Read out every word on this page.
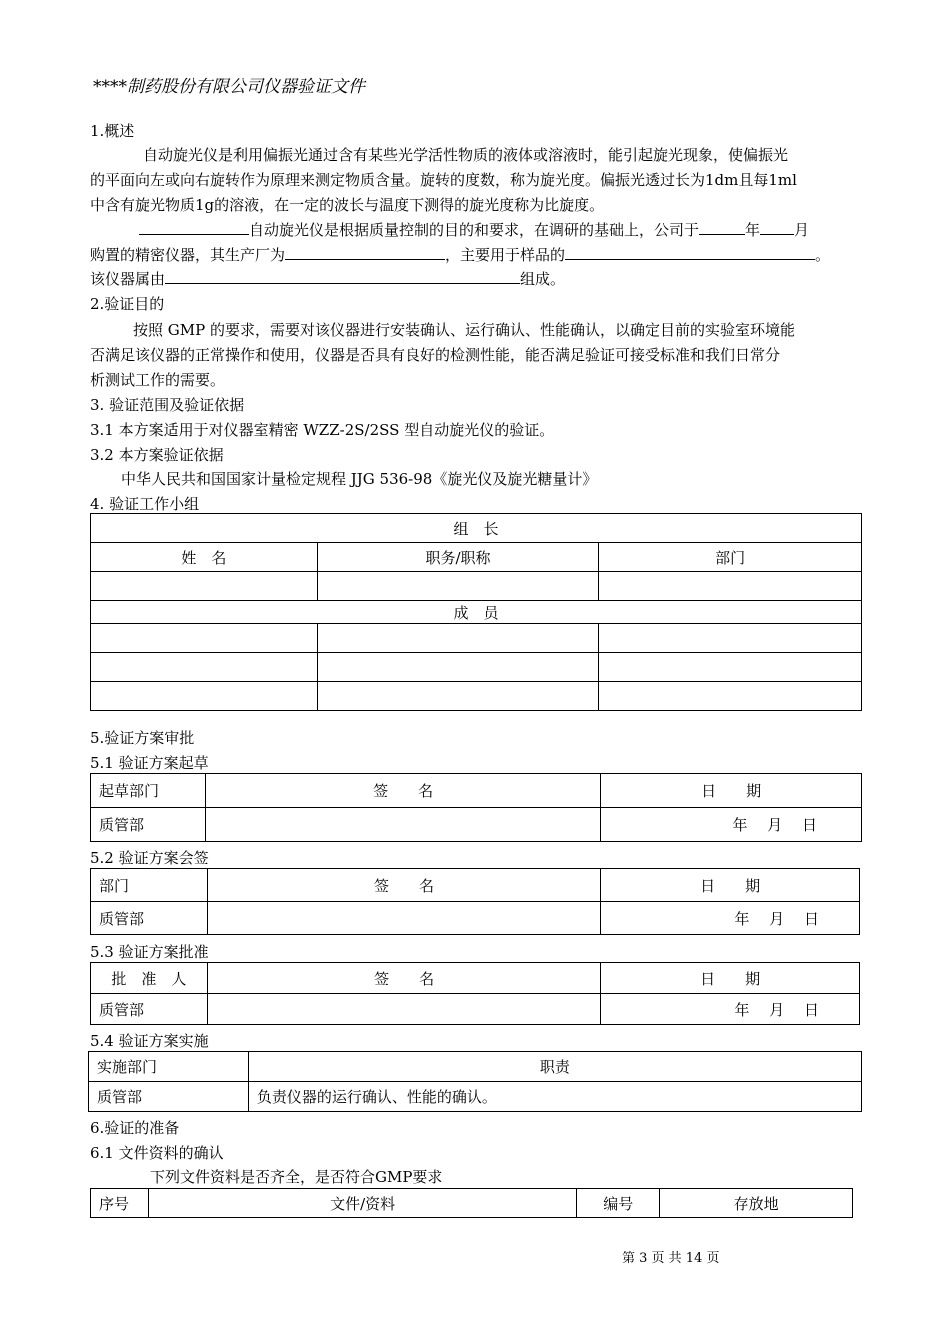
****制药股份有限公司仪器验证文件
1.概述
自动旋光仪是利用偏振光通过含有某些光学活性物质的液体或溶液时，能引起旋光现象，使偏振光
的平面向左或向右旋转作为原理来测定物质含量。旋转的度数，称为旋光度。偏振光透过长为1dm且每1ml
中含有旋光物质1g的溶液，在一定的波长与温度下测得的旋光度称为比旋度。
自动旋光仪是根据质量控制的目的和要求，在调研的基础上，公司于	年 月
购置的精密仪器，其生产厂为	，主要用于样品的	。
该仪器属由	组成。
2.验证目的
按照 GMP 的要求，需要对该仪器进行安装确认、运行确认、性能确认，以确定目前的实验室环境能
否满足该仪器的正常操作和使用，仪器是否具有良好的检测性能，能否满足验证可接受标准和我们日常分
析测试工作的需要。
3. 验证范围及验证依据
3.1 本方案适用于对仪器室精密 WZZ-2S/2SS 型自动旋光仪的验证。
3.2 本方案验证依据
中华人民共和国国家计量检定规程 JJG 536-98《旋光仪及旋光糖量计》
4. 验证工作小组
组　长		
姓　名	职务/职称	部门

成　员		

5.验证方案审批
5.1 验证方案起草
起草部门	签　　名	日　　期
质管部		年　 月　 日
5.2 验证方案会签
部门	签　　名	日　　期
质管部		年　 月　 日
5.3 验证方案批准
批　准　人	签　　名	日　　期
质管部		年　 月　 日
5.4 验证方案实施
实施部门	职责
质管部	负责仪器的运行确认、性能的确认。
6.验证的准备
6.1 文件资料的确认
下列文件资料是否齐全，是否符合GMP要求
序号	文件/资料	编号	存放地
第 3 页 共 14 页
